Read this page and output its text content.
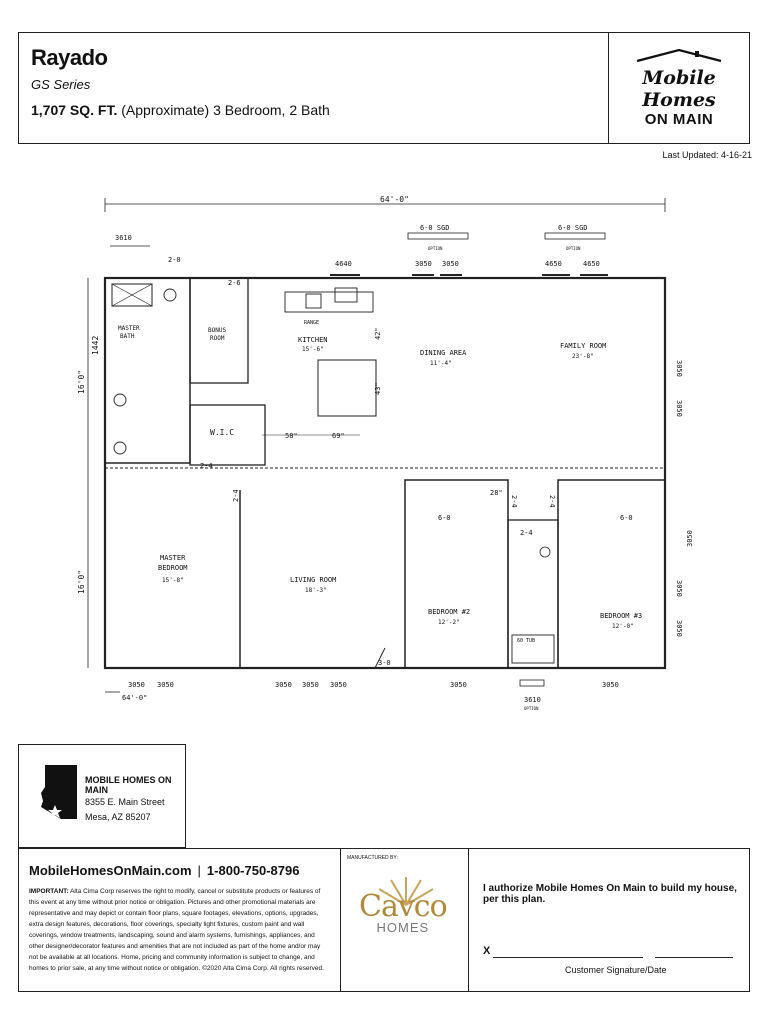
Rayado
GS Series
1,707 SQ. FT. (Approximate) 3 Bedroom, 2 Bath
Mobile Homes
ON MAIN
Last Updated: 4-16-21
64'-0"
16'0"
16'0"
1442
MASTER
BATH
3610
2-0
BONUS
ROOM
2-6
W.I.C
RANGE
KITCHEN
15'-6"
58"	69"
42"
43"
DINING AREA
11'-4"
FAMILY ROOM
23'-8"
4640	3050 3050	4650	4650
6-0 SGD
OPTION
6-0 SGD
OPTION
3050
3050
3050
3050
3050
MASTER
BEDROOM
15'-8"
2-4
LIVING ROOM
18'-3"
6-0
BEDROOM #2
12'-2"
28"
60 TUB
2-4
6-0
BEDROOM #3
12'-0"
2-4	2-4
2-4
3-0
3050 3050	3050 3050 3050	3050	3050
3610
OPTION
64'-0"
MOBILE HOMES ON MAIN
8355 E. Main Street
Mesa, AZ 85207
MobileHomesOnMain.com | 1-800-750-8796
IMPORTANT: Alta Cima Corp reserves the right to modify, cancel or substitute products or features of this event at any time without prior notice or obligation. Pictures and other promotional materials are representative and may depict or contain floor plans, square footages, elevations, options, upgrades, extra design features, decorations, floor coverings, specialty light fixtures, custom paint and wall coverings, window treatments, landscaping, sound and alarm systems, furnishings, appliances, and other designer/decorator features and amenities that are not included as part of the home and/or may not be available at all locations. Home, pricing and community information is subject to change, and homes to prior sale, at any time without notice or obligation. ©2020 Alta Cima Corp. All rights reserved.
MANUFACTURED BY:
Cavco
HOMES
I authorize Mobile Homes On Main to build my house, per this plan.
X
Customer Signature/Date
